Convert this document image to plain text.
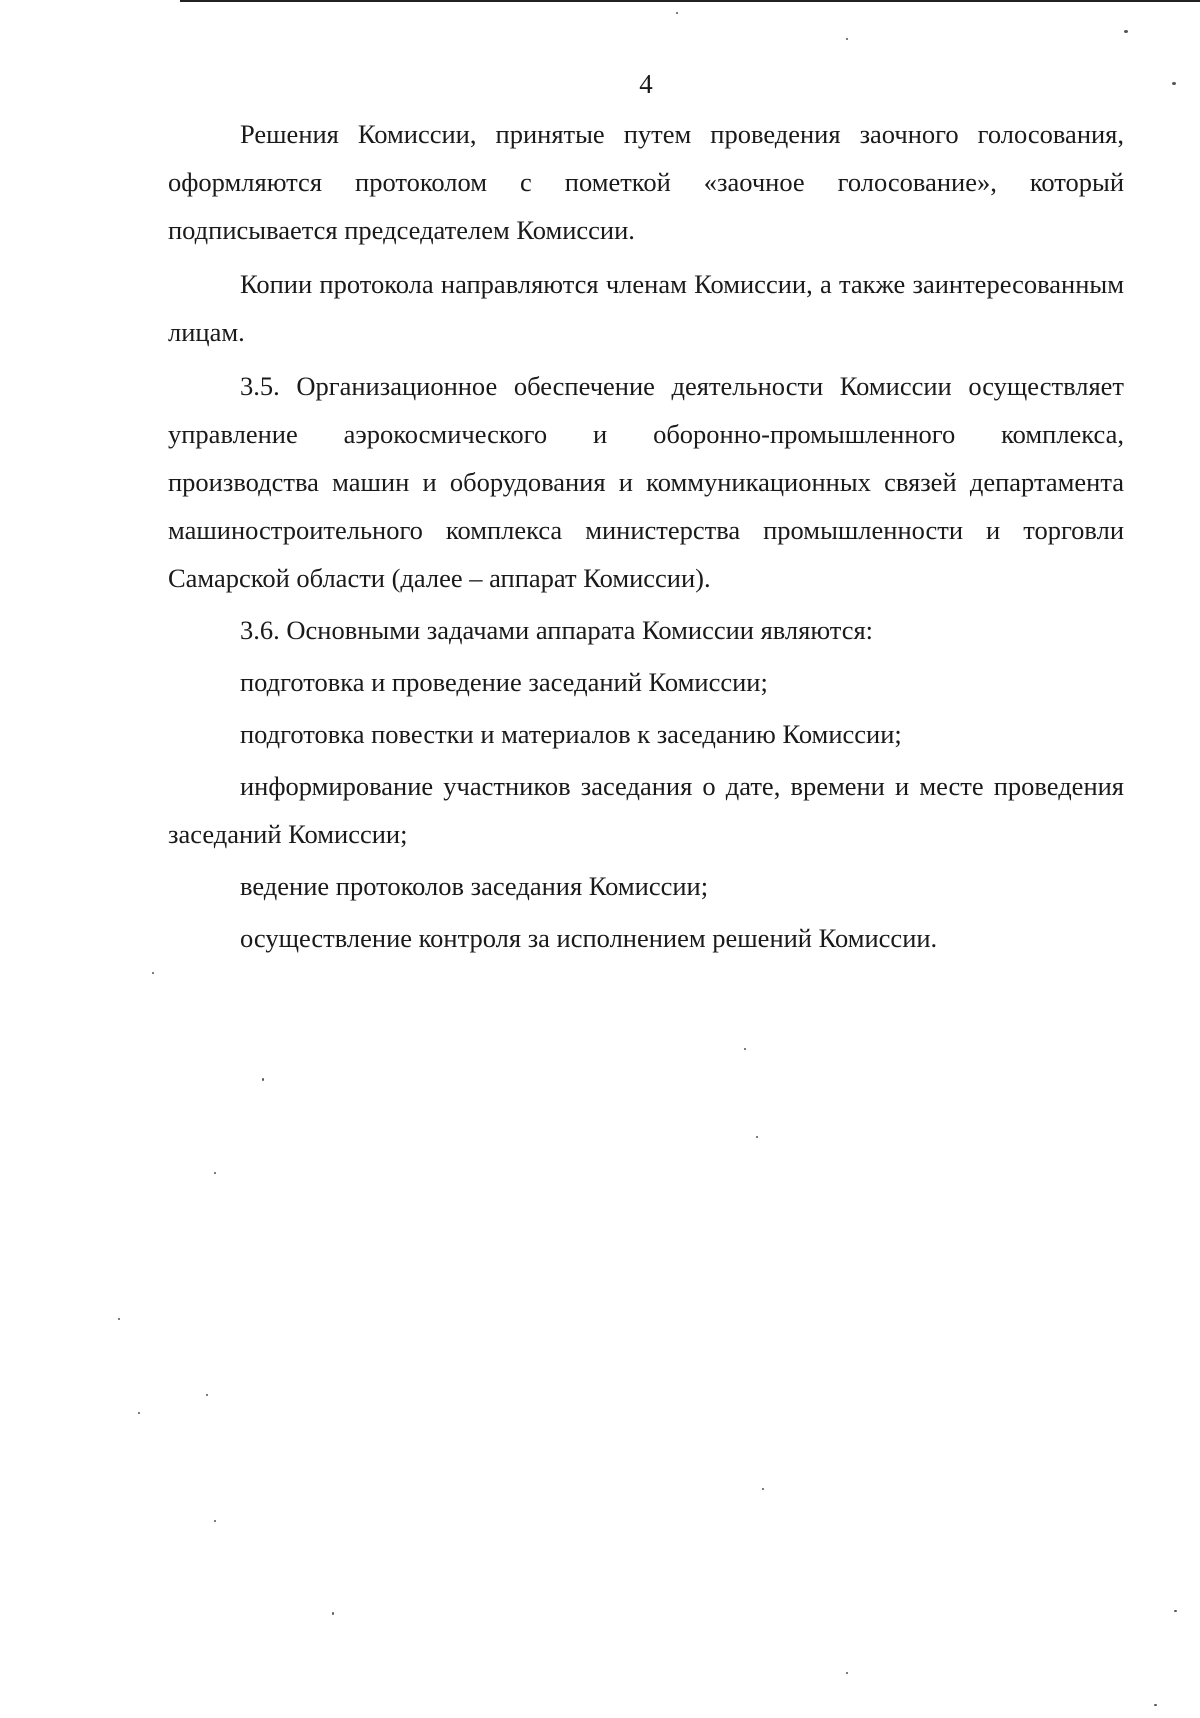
4

Решения Комиссии, принятые путем проведения заочного голосования, оформляются протоколом с пометкой «заочное голосование», который подписывается председателем Комиссии.

Копии протокола направляются членам Комиссии, а также заинтересованным лицам.

3.5. Организационное обеспечение деятельности Комиссии осуществляет управление аэрокосмического и оборонно-промышленного комплекса, производства машин и оборудования и коммуникационных связей департамента машиностроительного комплекса министерства промышленности и торговли Самарской области (далее – аппарат Комиссии).

3.6. Основными задачами аппарата Комиссии являются:

подготовка и проведение заседаний Комиссии;

подготовка повестки и материалов к заседанию Комиссии;

информирование участников заседания о дате, времени и месте проведения заседаний Комиссии;

ведение протоколов заседания Комиссии;

осуществление контроля за исполнением решений Комиссии.
